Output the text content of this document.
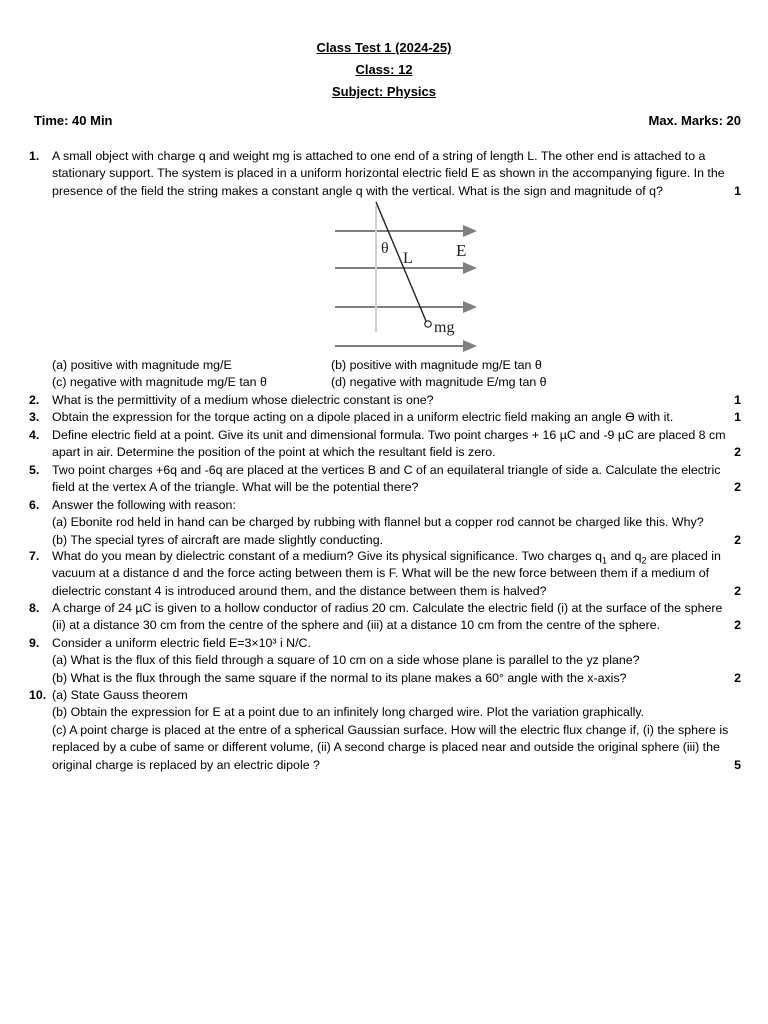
Class Test 1 (2024-25)
Class: 12
Subject: Physics
Time: 40 Min	Max. Marks: 20
1. A small object with charge q and weight mg is attached to one end of a string of length L. The other end is attached to a
stationary support. The system is placed in a uniform horizontal electric field E as shown in the accompanying figure. In the
presence of the field the string makes a constant angle q with the vertical. What is the sign and magnitude of q?	1
θ
L	E
mg
(a) positive with magnitude mg/E	(b) positive with magnitude mg/E tan θ
(c) negative with magnitude mg/E tan θ	(d) negative with magnitude E/mg tan θ
2. What is the permittivity of a medium whose dielectric constant is one?	1
3. Obtain the expression for the torque acting on a dipole placed in a uniform electric field making an angle ϴ with it.	1
4. Define electric field at a point. Give its unit and dimensional formula. Two point charges + 16 µC and -9 µC are placed 8 cm
apart in air. Determine the position of the point at which the resultant field is zero.	2
5. Two point charges +6q and -6q are placed at the vertices B and C of an equilateral triangle of side a. Calculate the electric
field at the vertex A of the triangle. What will be the potential there?	2
6. Answer the following with reason:
(a) Ebonite rod held in hand can be charged by rubbing with flannel but a copper rod cannot be charged like this. Why?
(b) The special tyres of aircraft are made slightly conducting.	2
7. What do you mean by dielectric constant of a medium? Give its physical significance. Two charges $q_1$ and $q_2$ are placed in
vacuum at a distance d and the force acting between them is F. What will be the new force between them if a medium of
dielectric constant 4 is introduced around them, and the distance between them is halved?	2
8. A charge of 24 µC is given to a hollow conductor of radius 20 cm. Calculate the electric field (i) at the surface of the sphere
(ii) at a distance 30 cm from the centre of the sphere and (iii) at a distance 10 cm from the centre of the sphere.	2
9. Consider a uniform electric field E=3×10³ i N/C.
(a) What is the flux of this field through a square of 10 cm on a side whose plane is parallel to the yz plane?
(b) What is the flux through the same square if the normal to its plane makes a 60° angle with the x-axis?	2
10. (a) State Gauss theorem
(b) Obtain the expression for E at a point due to an infinitely long charged wire. Plot the variation graphically.
(c) A point charge is placed at the entre of a spherical Gaussian surface. How will the electric flux change if, (i) the sphere is
replaced by a cube of same or different volume, (ii) A second charge is placed near and outside the original sphere (iii) the
original charge is replaced by an electric dipole ?	5
